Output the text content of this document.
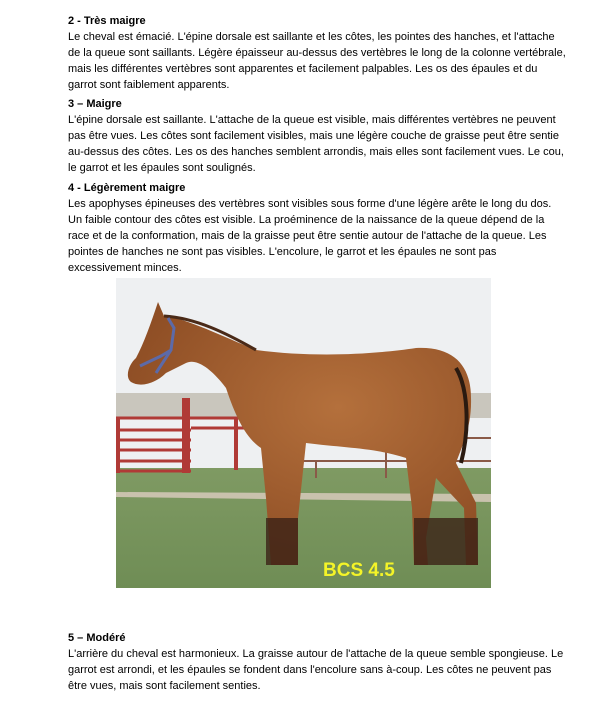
2 - Très maigre
Le cheval est émacié. L'épine dorsale est saillante et les côtes, les pointes des hanches, et l'attache
de la queue sont saillants. Légère épaisseur au-dessus des vertèbres le long de la colonne vertébrale,
mais les différentes vertèbres sont apparentes et facilement palpables. Les os des épaules et du
garrot sont faiblement apparents.
3 – Maigre
L'épine dorsale est saillante. L'attache de la queue est visible, mais différentes vertèbres ne peuvent
pas être vues. Les côtes sont facilement visibles, mais une légère couche de graisse peut être sentie
au-dessus des côtes. Les os des hanches semblent arrondis, mais elles sont facilement vues. Le cou,
le garrot et les épaules sont soulignés.
4 - Légèrement maigre
Les apophyses épineuses des vertèbres sont visibles sous forme d'une légère arête le long du dos.
Un faible contour des côtes est visible. La proéminence de la naissance de la queue dépend de la
race et de la conformation, mais de la graisse peut être sentie autour de l'attache de la queue. Les
pointes de hanches ne sont pas visibles. L'encolure, le garrot et les épaules ne sont pas
excessivement minces.
BCS 4.5
5 – Modéré
L'arrière du cheval est harmonieux. La graisse autour de l'attache de la queue semble spongieuse. Le
garrot est arrondi, et les épaules se fondent dans l'encolure sans à-coup. Les côtes ne peuvent pas
être vues, mais sont facilement senties.
